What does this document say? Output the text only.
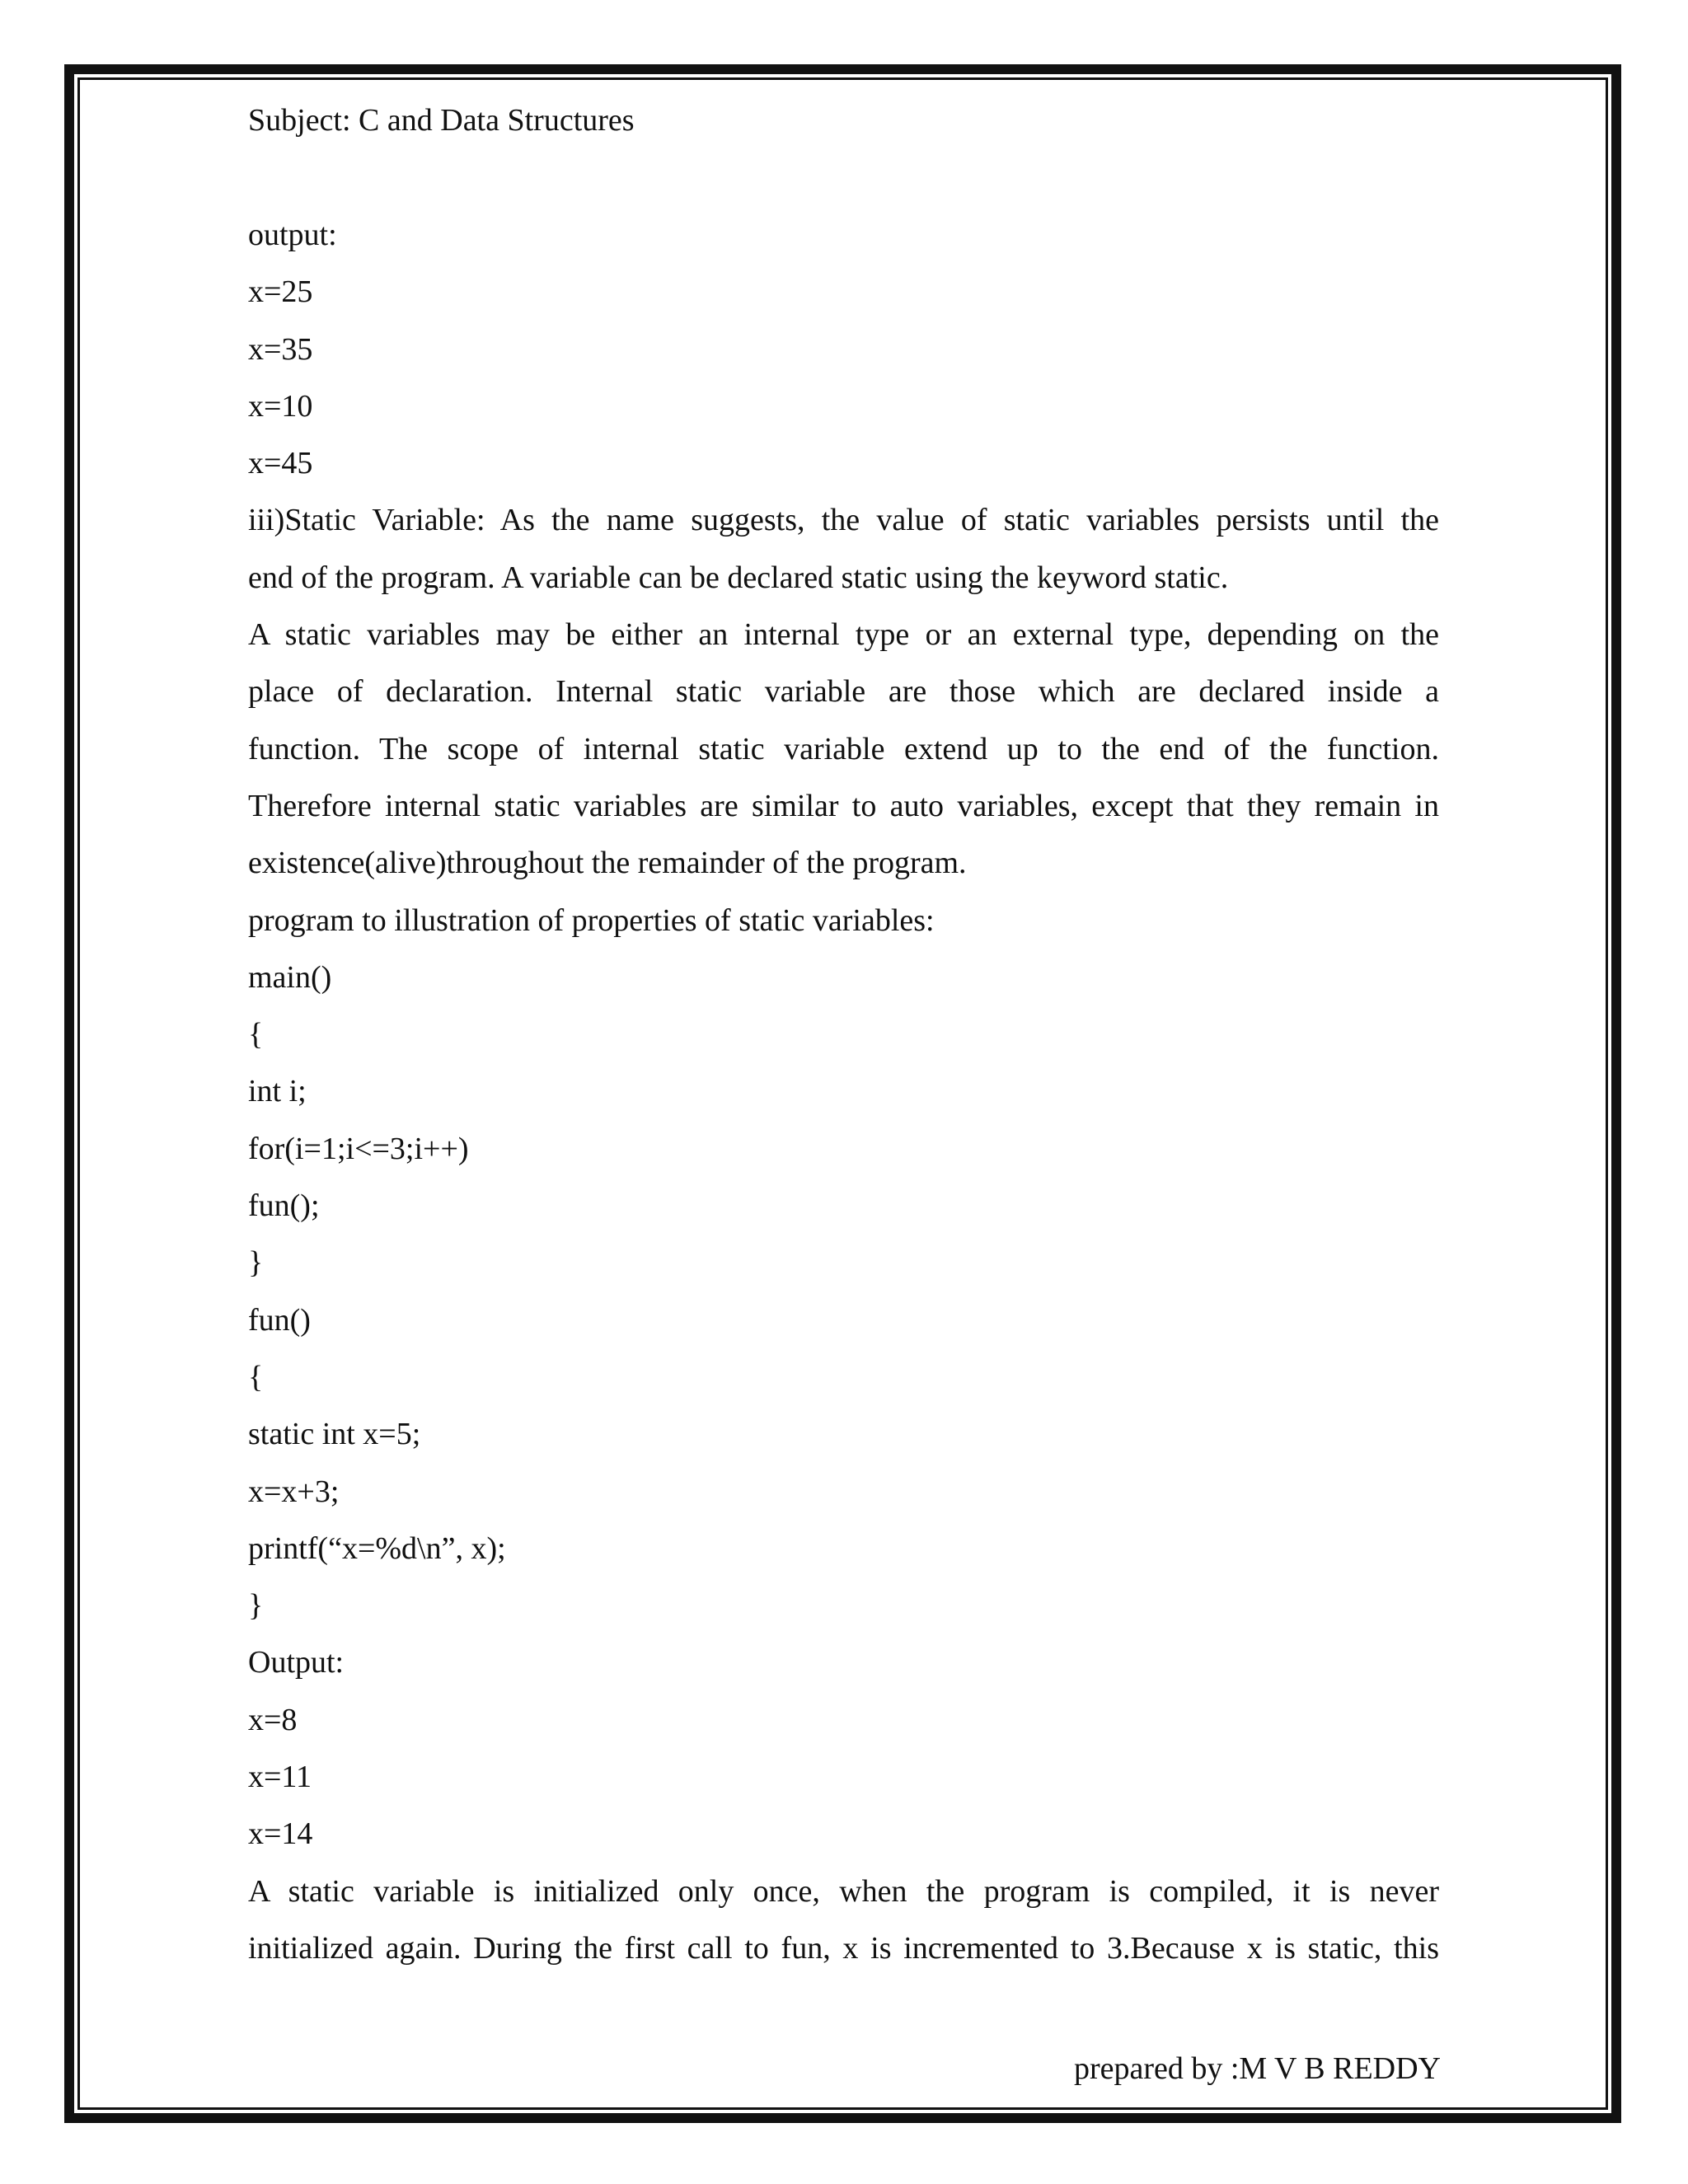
Subject: C and Data Structures
output:
x=25
x=35
x=10
x=45
iii)Static Variable: As the name suggests, the value of static variables persists until the
end of the program. A variable can be declared static using the keyword static.
A static variables may be either an internal type or an external type, depending on the
place of declaration. Internal static variable are those which are declared inside a
function. The scope of internal static variable extend up to the end of the function.
Therefore internal static variables are similar to auto variables, except that they remain in
existence(alive)throughout the remainder of the program.
program to illustration of properties of static variables:
main()
{
int i;
for(i=1;i<=3;i++)
fun();
}
fun()
{
static int x=5;
x=x+3;
printf(“x=%d\n”, x);
}
Output:
x=8
x=11
x=14
A static variable is initialized only once, when the program is compiled, it is never
initialized again. During the first call to fun, x is incremented to 3.Because x is static, this
prepared by :M V B REDDY
